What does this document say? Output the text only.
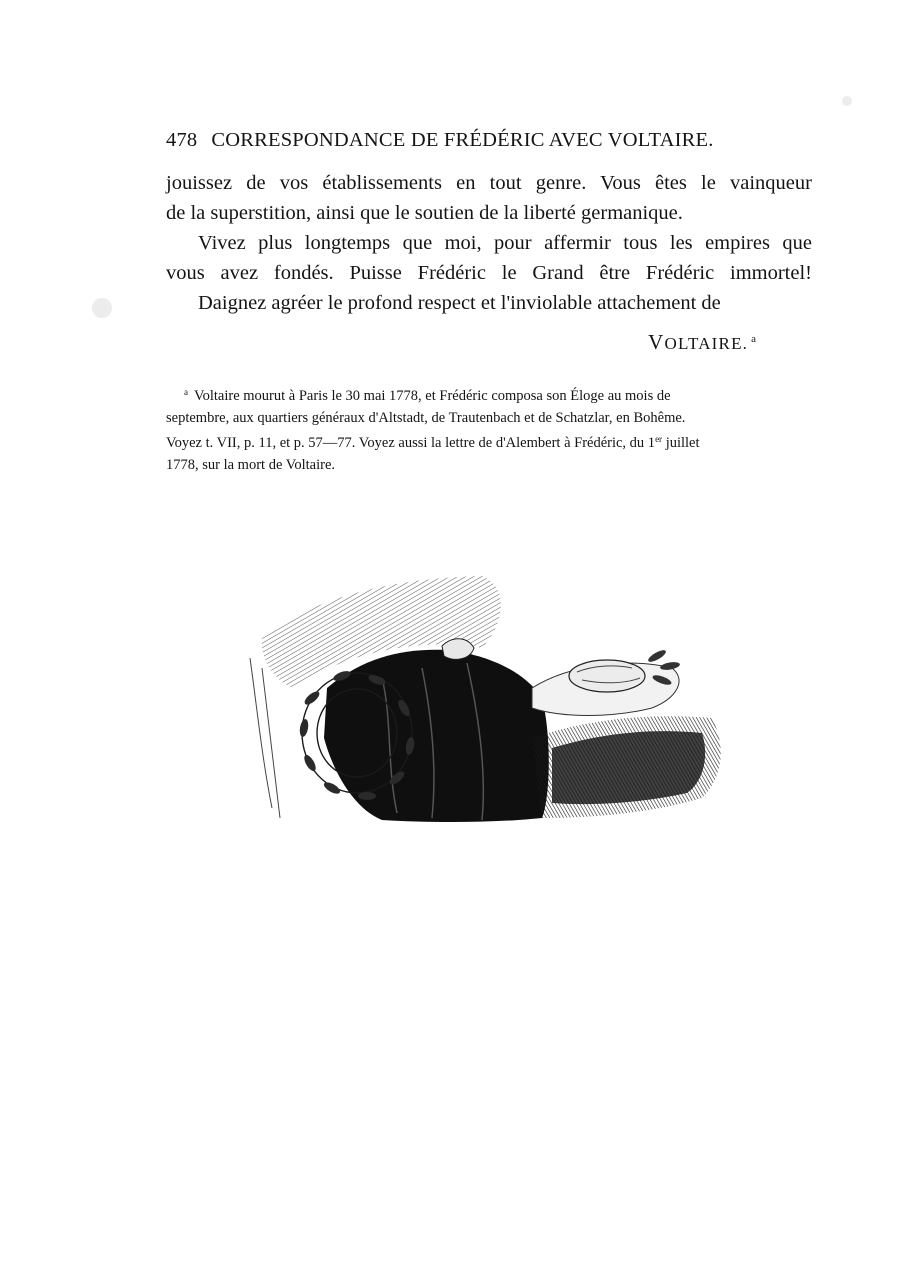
478 CORRESPONDANCE DE FRÉDÉRIC AVEC VOLTAIRE.

jouissez de vos établissements en tout genre. Vous êtes le vainqueur

de la superstition, ainsi que le soutien de la liberté germanique.

Vivez plus longtemps que moi, pour affermir tous les empires que

vous avez fondés. Puisse Frédéric le Grand être Frédéric immortel!

Daignez agréer le profond respect et l'inviolable attachement de

VOLTAIRE. $^a$

$^a$ Voltaire mourut à Paris le 30 mai 1778, et Frédéric composa son Éloge au mois de

septembre, aux quartiers généraux d'Altstadt, de Trautenbach et de Schatzlar, en Bohême.

Voyez t. VII, p. 11, et p. 57—77. Voyez aussi la lettre de d'Alembert à Frédéric, du 1er juillet

1778, sur la mort de Voltaire.
